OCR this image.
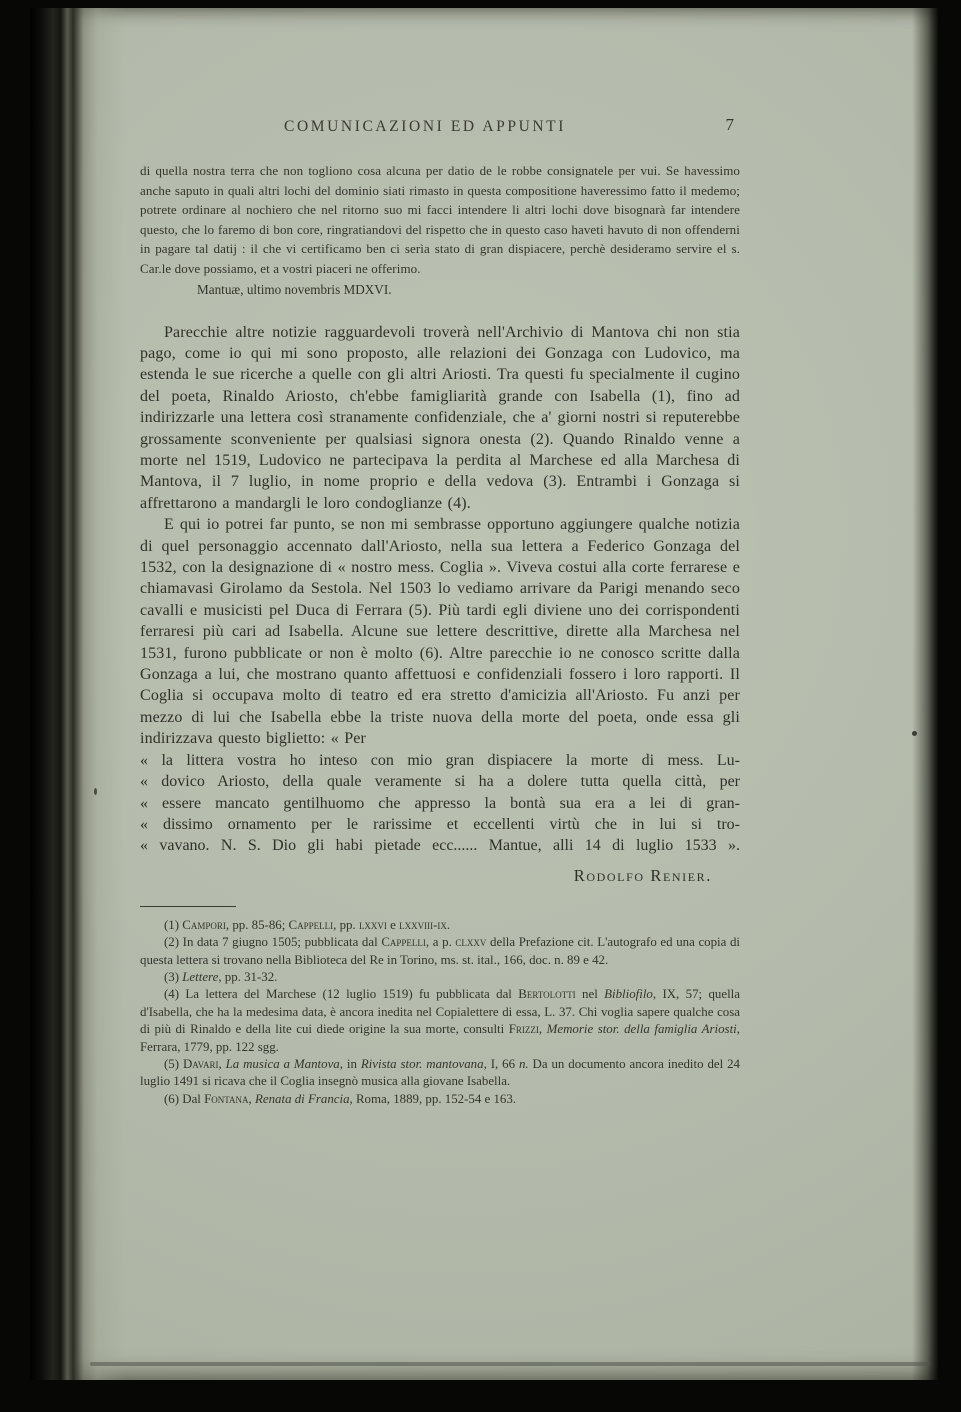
COMUNICAZIONI ED APPUNTI	7
di quella nostra terra che non togliono cosa alcuna per datio de le robbe consignatele per vui. Se havessimo anche saputo in quali altri lochi del dominio siati rimasto in questa compositione haveressimo fatto il medemo; potrete ordinare al nochiero che nel ritorno suo mi facci intendere li altri lochi dove bisognarà far intendere questo, che lo faremo di bon core, ringratiandovi del rispetto che in questo caso haveti havuto di non offenderni in pagare tal datij : il che vi certificamo ben ci serìa stato di gran dispiacere, perchè desideramo servire el s. Car.le dove possiamo, et a vostri piaceri ne offerimo.
Mantuæ, ultimo novembris MDXVI.

Parecchie altre notizie ragguardevoli troverà nell'Archivio di Mantova chi non stia pago, come io qui mi sono proposto, alle relazioni dei Gonzaga con Ludovico, ma estenda le sue ricerche a quelle con gli altri Ariosti. Tra questi fu specialmente il cugino del poeta, Rinaldo Ariosto, ch'ebbe famigliarità grande con Isabella (1), fino ad indirizzarle una lettera così stranamente confidenziale, che a' giorni nostri si reputerebbe grossamente sconveniente per qualsiasi signora onesta (2). Quando Rinaldo venne a morte nel 1519, Ludovico ne partecipava la perdita al Marchese ed alla Marchesa di Mantova, il 7 luglio, in nome proprio e della vedova (3). Entrambi i Gonzaga si affrettarono a mandargli le loro condoglianze (4).

E qui io potrei far punto, se non mi sembrasse opportuno aggiungere qualche notizia di quel personaggio accennato dall'Ariosto, nella sua lettera a Federico Gonzaga del 1532, con la designazione di « nostro mess. Coglia ». Viveva costui alla corte ferrarese e chiamavasi Girolamo da Sestola. Nel 1503 lo vediamo arrivare da Parigi menando seco cavalli e musicisti pel Duca di Ferrara (5). Più tardi egli diviene uno dei corrispondenti ferraresi più cari ad Isabella. Alcune sue lettere descrittive, dirette alla Marchesa nel 1531, furono pubblicate or non è molto (6). Altre parecchie io ne conosco scritte dalla Gonzaga a lui, che mostrano quanto affettuosi e confidenziali fossero i loro rapporti. Il Coglia si occupava molto di teatro ed era stretto d'amicizia all'Ariosto. Fu anzi per mezzo di lui che Isabella ebbe la triste nuova della morte del poeta, onde essa gli indirizzava questo biglietto: « Per

« la littera vostra ho inteso con mio gran dispiacere la morte di mess. Lu-
« dovico Ariosto, della quale veramente si ha a dolere tutta quella città, per
« essere mancato gentilhuomo che appresso la bontà sua era a lei di gran-
« dissimo ornamento per le rarissime et eccellenti virtù che in lui si tro-
« vavano. N. S. Dio gli habi pietade ecc...... Mantue, alli 14 di luglio 1533 ».
Rodolfo Renier.

(1) Campori, pp. 85-86; Cappelli, pp. lxxvi e lxxviii-ix.

(2) In data 7 giugno 1505; pubblicata dal Cappelli, a p. clxxv della Prefazione cit. L'autografo ed una copia di questa lettera si trovano nella Biblioteca del Re in Torino, ms. st. ital., 166, doc. n. 89 e 42.

(3) Lettere, pp. 31-32.

(4) La lettera del Marchese (12 luglio 1519) fu pubblicata dal Bertolotti nel Bibliofilo, IX, 57; quella d'Isabella, che ha la medesima data, è ancora inedita nel Copialettere di essa, L. 37. Chi voglia sapere qualche cosa di più di Rinaldo e della lite cui diede origine la sua morte, consulti Frizzi, Memorie stor. della famiglia Ariosti, Ferrara, 1779, pp. 122 sgg.

(5) Davari, La musica a Mantova, in Rivista stor. mantovana, I, 66 n. Da un documento ancora inedito del 24 luglio 1491 si ricava che il Coglia insegnò musica alla giovane Isabella.

(6) Dal Fontana, Renata di Francia, Roma, 1889, pp. 152-54 e 163.
